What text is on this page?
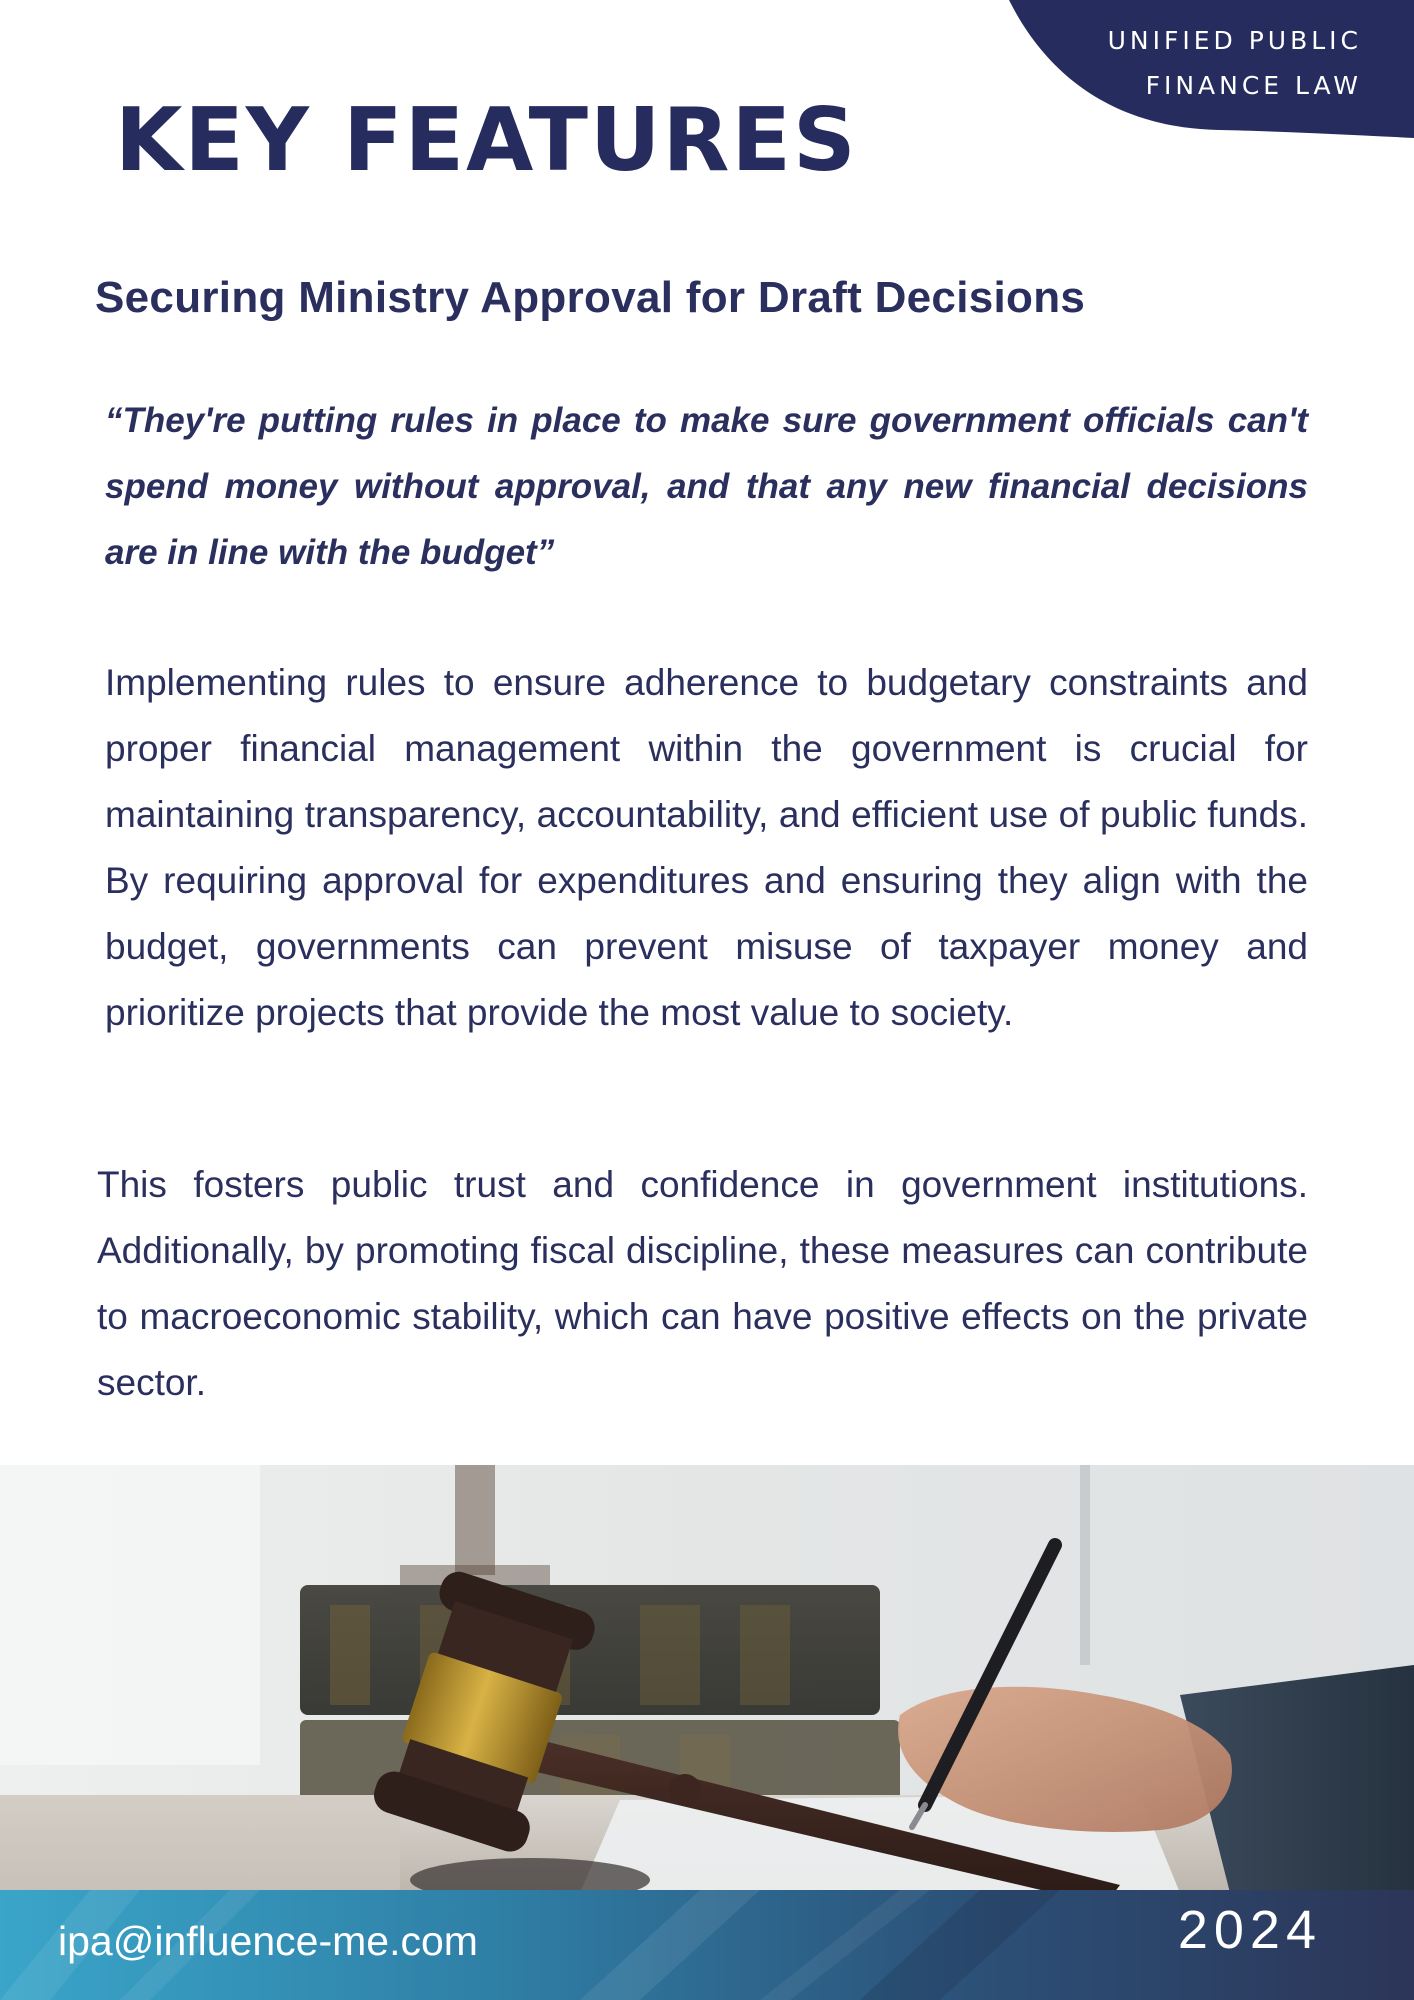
UNIFIED PUBLIC
FINANCE LAW
KEY FEATURES
Securing Ministry Approval for Draft Decisions

“They're putting rules in place to make sure government officials can't spend money without approval, and that any new financial decisions are in line with the budget”

Implementing rules to ensure adherence to budgetary constraints and proper financial management within the government is crucial for maintaining transparency, accountability, and efficient use of public funds. By requiring approval for expenditures and ensuring they align with the budget, governments can prevent misuse of taxpayer money and prioritize projects that provide the most value to society.

This fosters public trust and confidence in government institutions. Additionally, by promoting fiscal discipline, these measures can contribute to macroeconomic stability, which can have positive effects on the private sector.

ipa@influence-me.com	2024
